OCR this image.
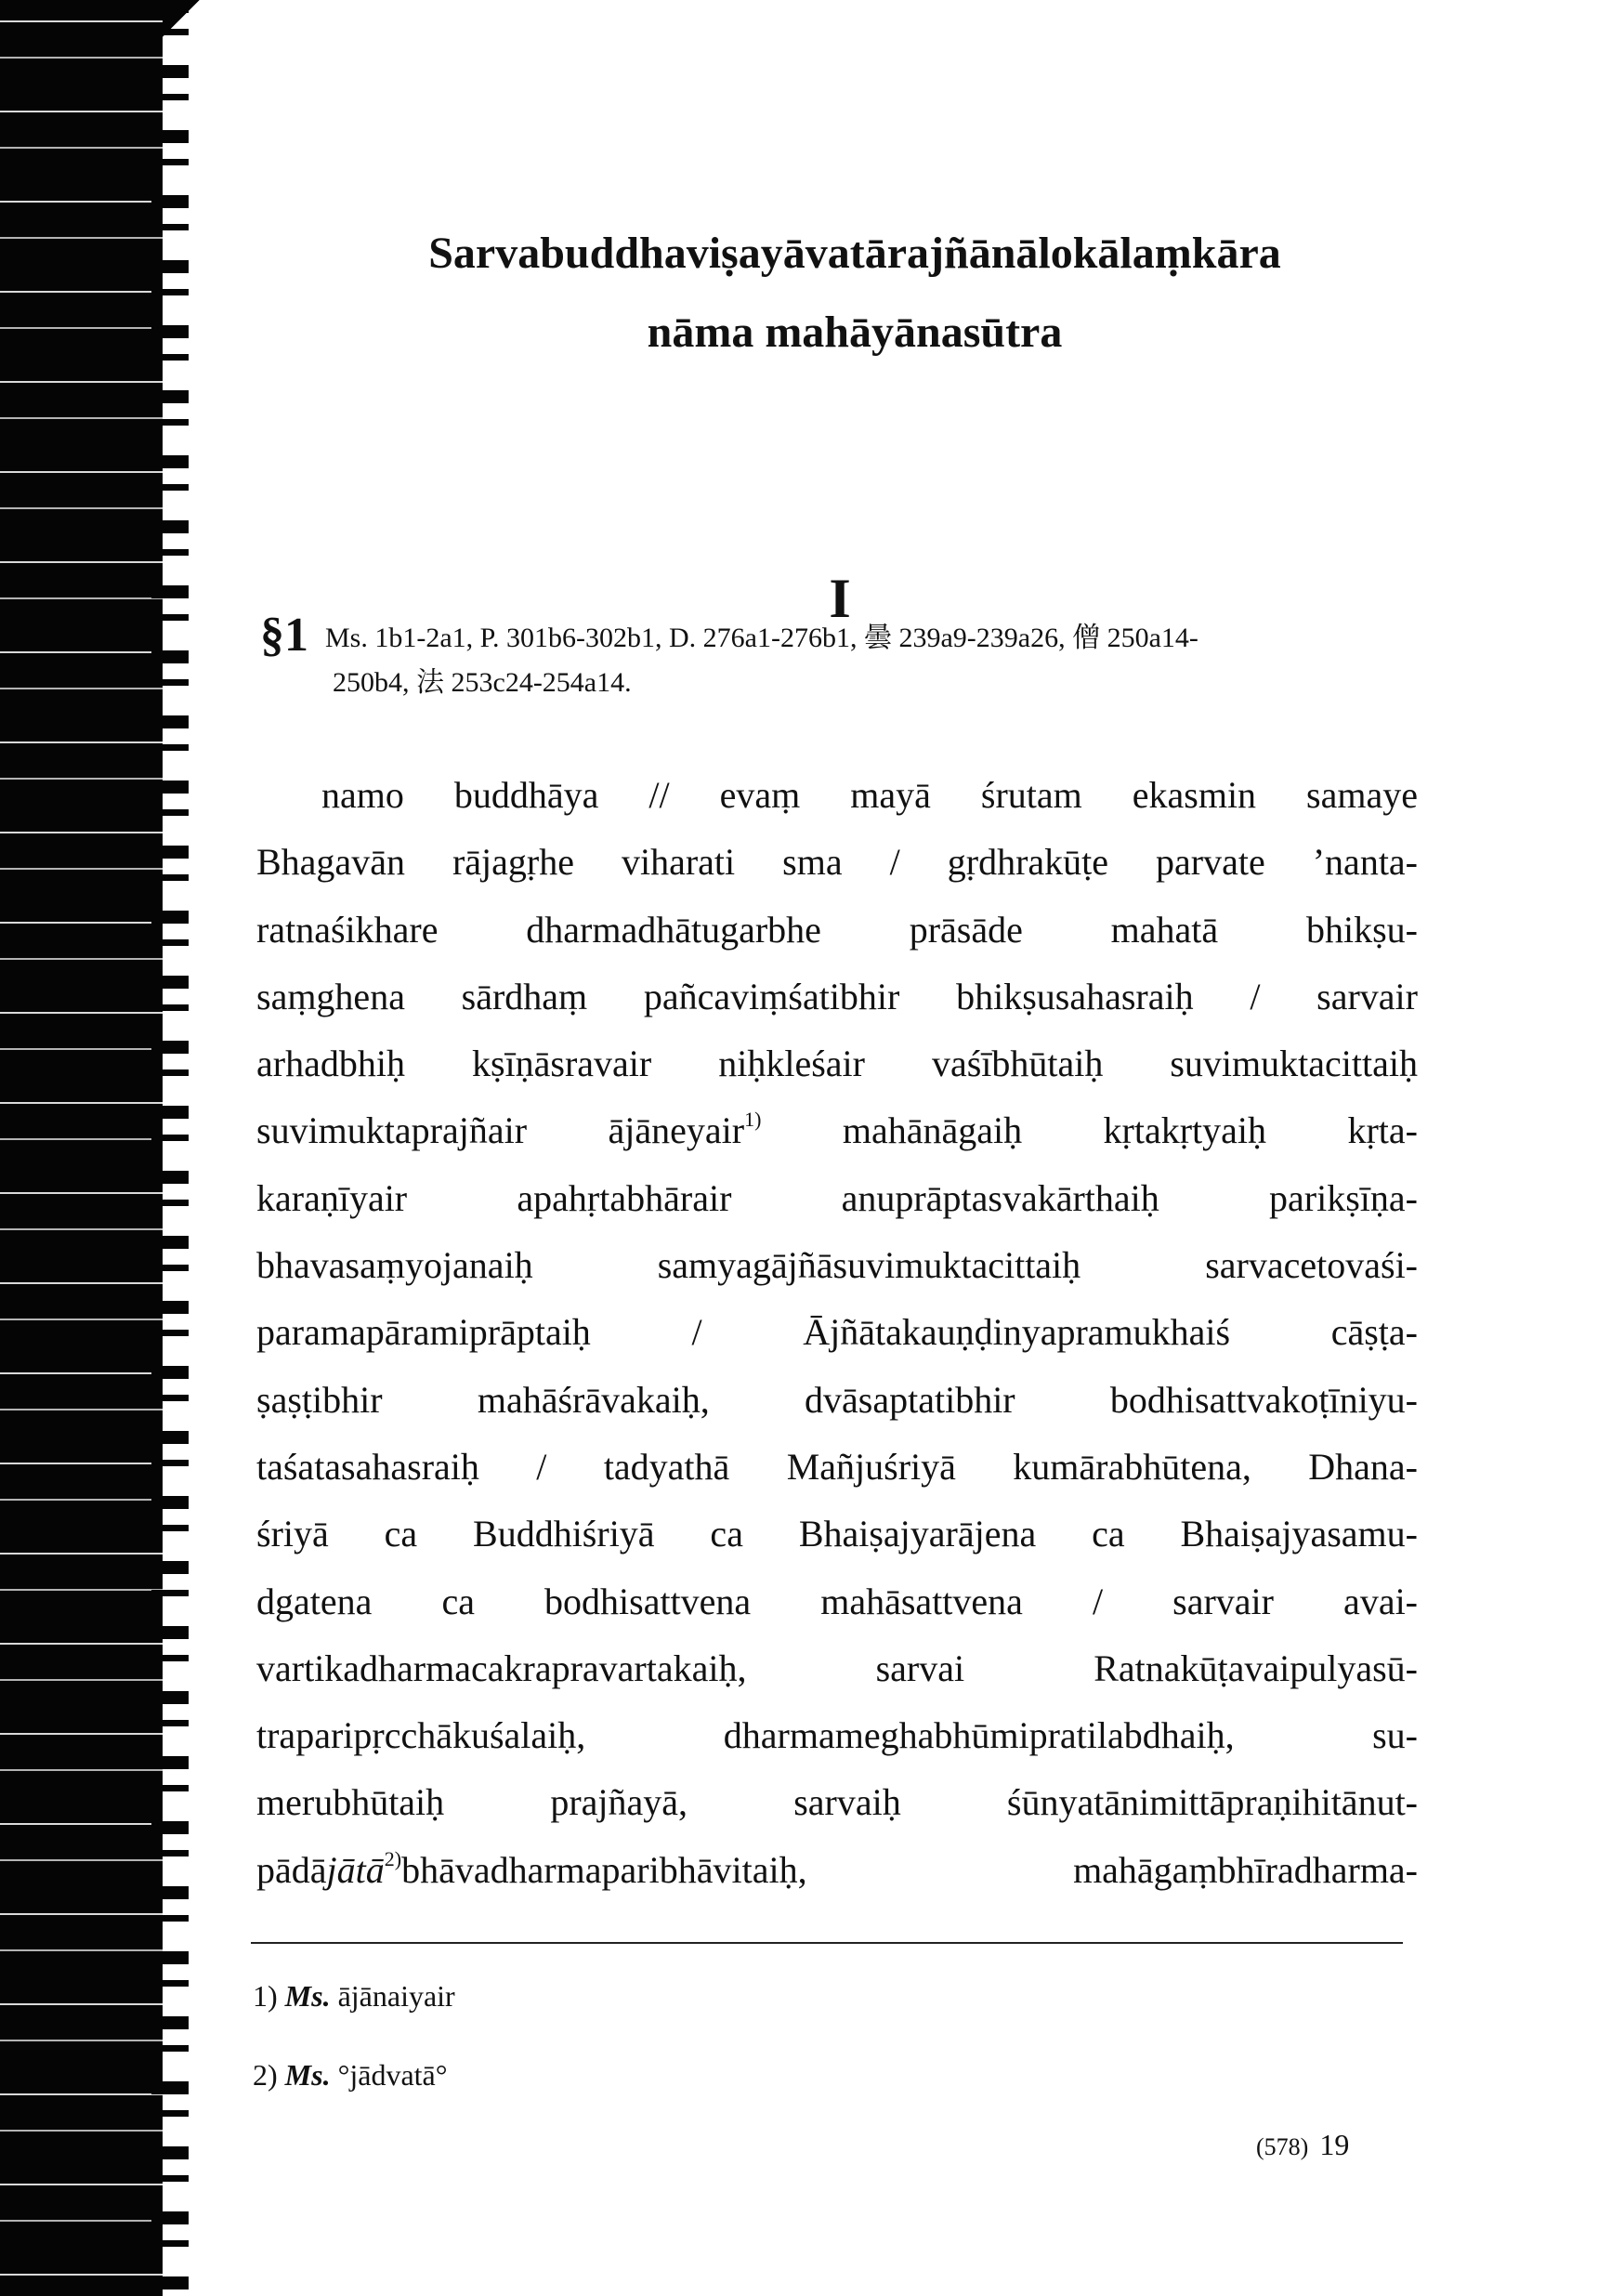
Sarvabuddhaviṣayāvatārajñānālokālaṃkāra
nāma mahāyānasūtra
I
§1 Ms. 1b1-2a1, P. 301b6-302b1, D. 276a1-276b1, 曇 239a9-239a26, 僧 250a14-
250b4, 法 253c24-254a14.
namo buddhāya // evaṃ mayā śrutam ekasmin samaye
Bhagavān rājagṛhe viharati sma / gṛdhrakūṭe parvate ’nanta-
ratnaśikhare dharmadhātugarbhe prāsāde mahatā bhikṣu-
saṃghena sārdhaṃ pañcaviṃśatibhir bhikṣusahasraiḥ / sarvair
arhadbhiḥ kṣīṇāsravair niḥkleśair vaśībhūtaiḥ suvimuktacittaiḥ
suvimuktaprajñair ājāneyair$^{1)}$ mahānāgaiḥ kṛtakṛtyaiḥ kṛta-
karaṇīyair apahṛtabhārair anuprāptasvakārthaiḥ parikṣīṇa-
bhavasaṃyojanaiḥ samyagājñāsuvimuktacittaiḥ sarvacetovaśi-
paramapāramiprāptaiḥ / Ājñātakauṇḍinyapramukhaiś cāṣṭa-
ṣaṣṭibhir mahāśrāvakaiḥ, dvāsaptatibhir bodhisattvakoṭīniyu-
taśatasahasraiḥ / tadyathā Mañjuśriyā kumārabhūtena, Dhana-
śriyā ca Buddhiśriyā ca Bhaiṣajyarājena ca Bhaiṣajyasamu-
dgatena ca bodhisattvena mahāsattvena / sarvair avai-
vartikadharmacakrapravartakaiḥ, sarvai Ratnakūṭavaipulyasū-
traparipṛcchākuśalaiḥ, dharmameghabhūmipratilabdhaiḥ, su-
merubhūtaiḥ prajñayā, sarvaiḥ śūnyatānimittāpraṇihitānut-
pādājātā$^{2)}$bhāvadharmaparibhāvitaiḥ, mahāgaṃbhīradharma-
1) Ms. ājānaiyair
2) Ms. °jādvatā°
(578) 19
